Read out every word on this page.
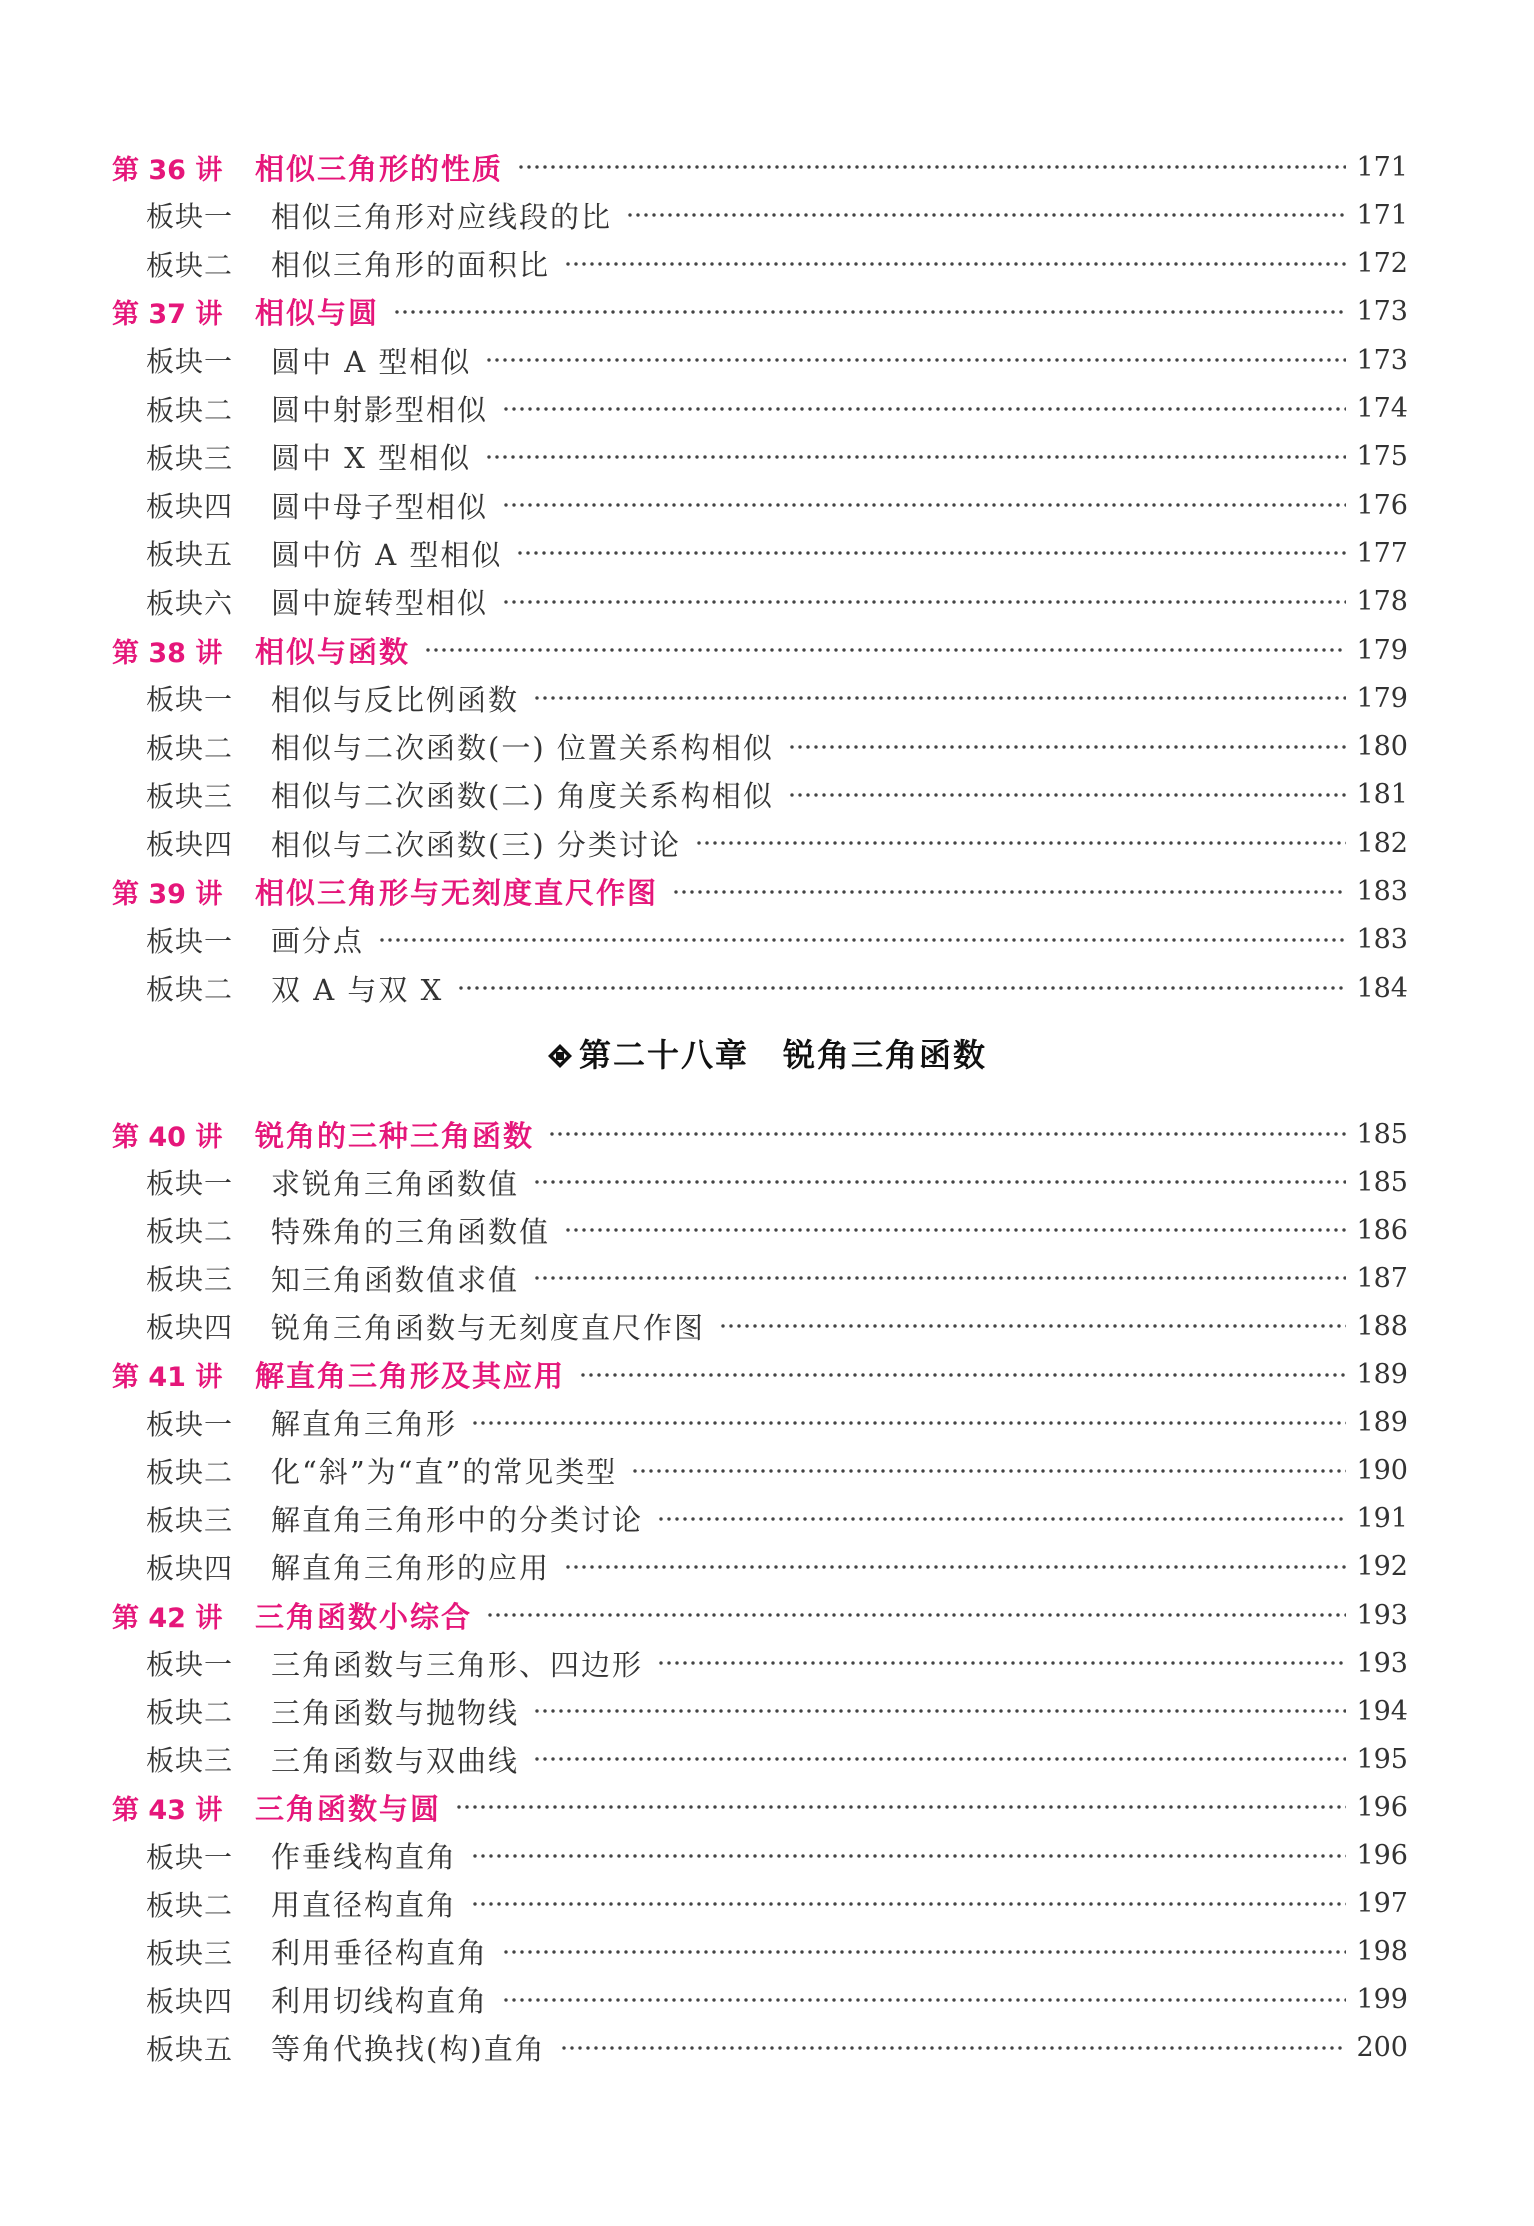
第 36 讲	相似三角形的性质	171
板块一	相似三角形对应线段的比	171
板块二	相似三角形的面积比	172
第 37 讲	相似与圆	173
板块一	圆中 A 型相似	173
板块二	圆中射影型相似	174
板块三	圆中 X 型相似	175
板块四	圆中母子型相似	176
板块五	圆中仿 A 型相似	177
板块六	圆中旋转型相似	178
第 38 讲	相似与函数	179
板块一	相似与反比例函数	179
板块二	相似与二次函数(一) 位置关系构相似	180
板块三	相似与二次函数(二) 角度关系构相似	181
板块四	相似与二次函数(三) 分类讨论	182
第 39 讲	相似三角形与无刻度直尺作图	183
板块一	画分点	183
板块二	双 A 与双 X	184
第二十八章　锐角三角函数
第 40 讲	锐角的三种三角函数	185
板块一	求锐角三角函数值	185
板块二	特殊角的三角函数值	186
板块三	知三角函数值求值	187
板块四	锐角三角函数与无刻度直尺作图	188
第 41 讲	解直角三角形及其应用	189
板块一	解直角三角形	189
板块二	化“斜”为“直”的常见类型	190
板块三	解直角三角形中的分类讨论	191
板块四	解直角三角形的应用	192
第 42 讲	三角函数小综合	193
板块一	三角函数与三角形、四边形	193
板块二	三角函数与抛物线	194
板块三	三角函数与双曲线	195
第 43 讲	三角函数与圆	196
板块一	作垂线构直角	196
板块二	用直径构直角	197
板块三	利用垂径构直角	198
板块四	利用切线构直角	199
板块五	等角代换找(构)直角	200
